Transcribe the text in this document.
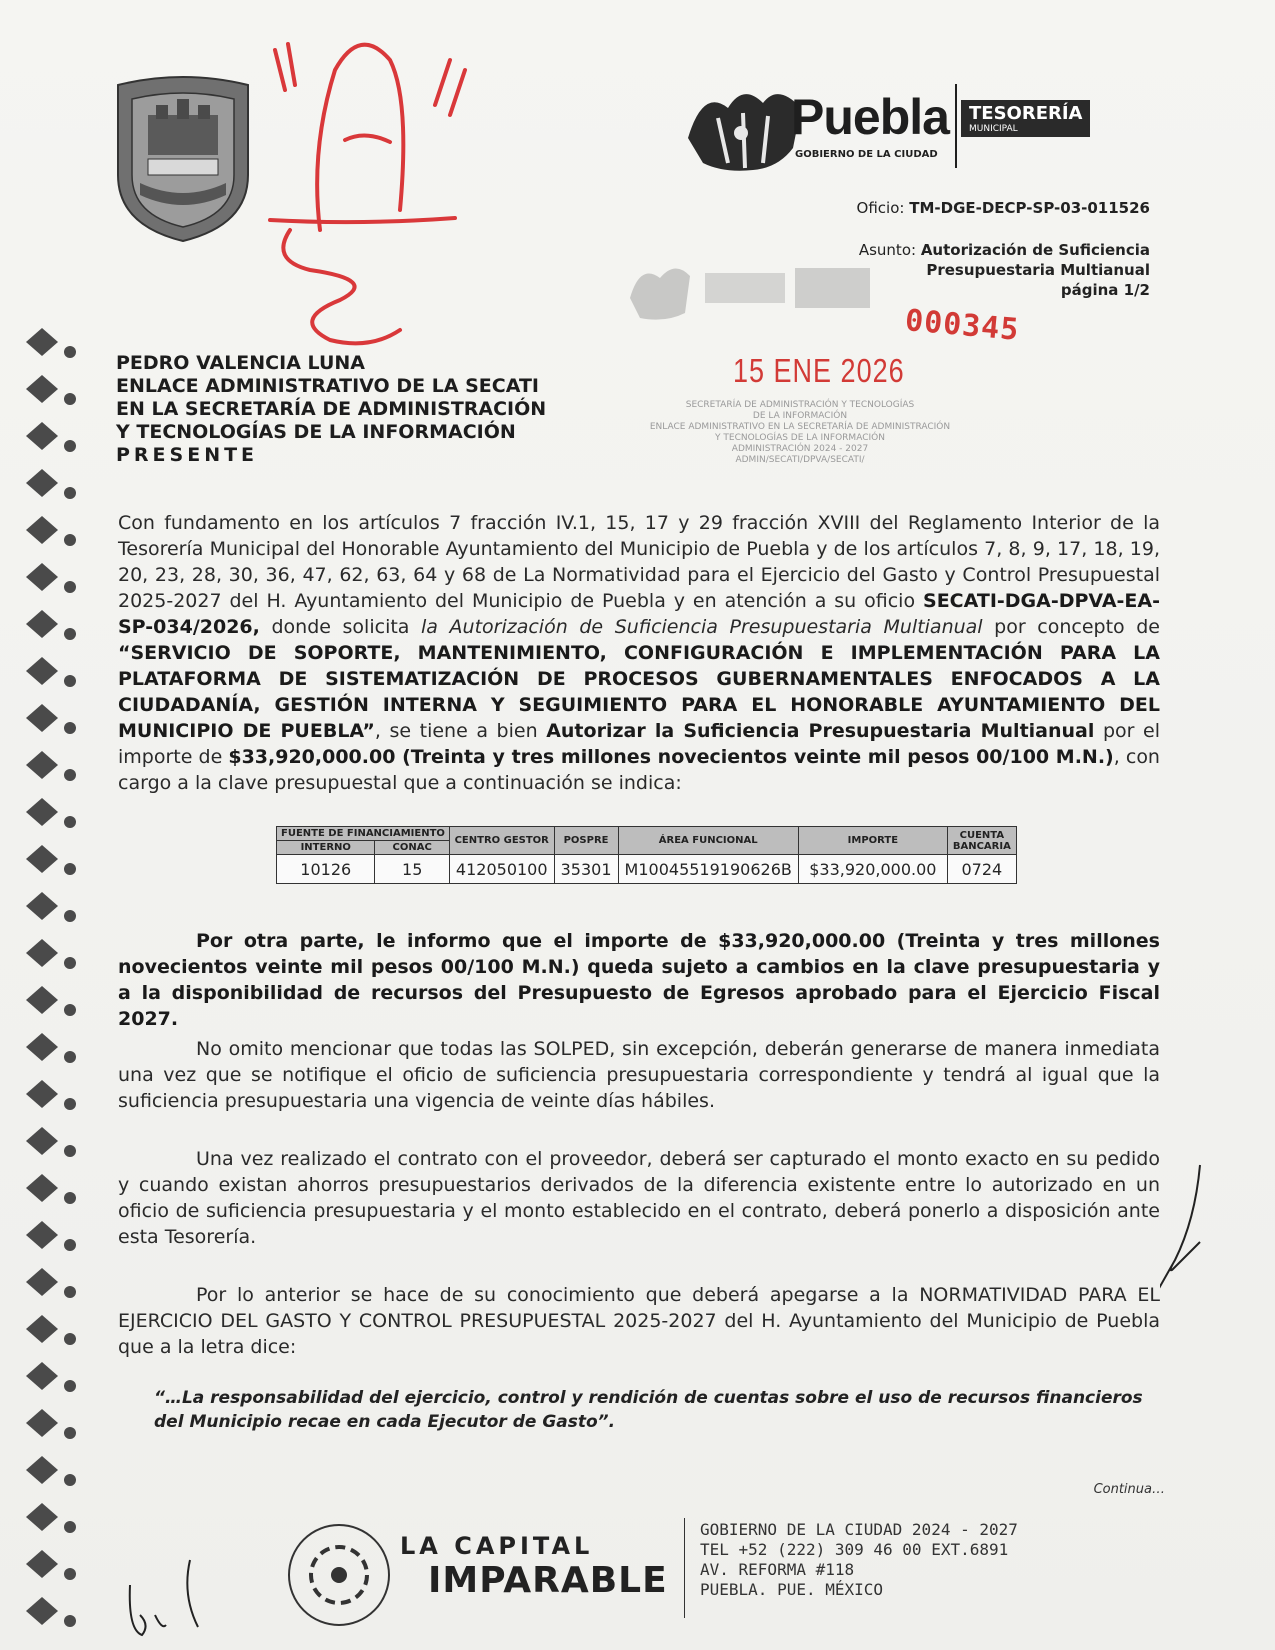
Puebla
GOBIERNO DE LA CIUDAD
TESORERÍA
MUNICIPAL
Oficio: TM-DGE-DECP-SP-03-011526
Asunto: Autorización de Suficiencia
Presupuestaria Multianual
página 1/2
000345
15 ENE 2026
SECRETARÍA DE ADMINISTRACIÓN Y TECNOLOGÍAS
DE LA INFORMACIÓN
ENLACE ADMINISTRATIVO EN LA SECRETARÍA DE ADMINISTRACIÓN
Y TECNOLOGÍAS DE LA INFORMACIÓN
ADMINISTRACIÓN 2024 - 2027
ADMIN/SECATI/DPVA/SECATI/
PEDRO VALENCIA LUNA
ENLACE ADMINISTRATIVO DE LA SECATI
EN LA SECRETARÍA DE ADMINISTRACIÓN
Y TECNOLOGÍAS DE LA INFORMACIÓN
PRESENTE
Con fundamento en los artículos 7 fracción IV.1, 15, 17 y 29 fracción XVIII del Reglamento Interior de la Tesorería Municipal del Honorable Ayuntamiento del Municipio de Puebla y de los artículos 7, 8, 9, 17, 18, 19, 20, 23, 28, 30, 36, 47, 62, 63, 64 y 68 de La Normatividad para el Ejercicio del Gasto y Control Presupuestal 2025-2027 del H. Ayuntamiento del Municipio de Puebla y en atención a su oficio SECATI-DGA-DPVA-EA-SP-034/2026, donde solicita la Autorización de Suficiencia Presupuestaria Multianual por concepto de “SERVICIO DE SOPORTE, MANTENIMIENTO, CONFIGURACIÓN E IMPLEMENTACIÓN PARA LA PLATAFORMA DE SISTEMATIZACIÓN DE PROCESOS GUBERNAMENTALES ENFOCADOS A LA CIUDADANÍA, GESTIÓN INTERNA Y SEGUIMIENTO PARA EL HONORABLE AYUNTAMIENTO DEL MUNICIPIO DE PUEBLA”, se tiene a bien Autorizar la Suficiencia Presupuestaria Multianual por el importe de $33,920,000.00 (Treinta y tres millones novecientos veinte mil pesos 00/100 M.N.), con cargo a la clave presupuestal que a continuación se indica:
FUENTE DE FINANCIAMIENTO		CENTRO GESTOR	POSPRE	ÁREA FUNCIONAL	IMPORTE	CUENTA BANCARIA
INTERNO	CONAC					
10126	15	412050100	35301	M10045519190626B	$33,920,000.00	0724
Por otra parte, le informo que el importe de $33,920,000.00 (Treinta y tres millones novecientos veinte mil pesos 00/100 M.N.) queda sujeto a cambios en la clave presupuestaria y a la disponibilidad de recursos del Presupuesto de Egresos aprobado para el Ejercicio Fiscal 2027.
No omito mencionar que todas las SOLPED, sin excepción, deberán generarse de manera inmediata una vez que se notifique el oficio de suficiencia presupuestaria correspondiente y tendrá al igual que la suficiencia presupuestaria una vigencia de veinte días hábiles.
Una vez realizado el contrato con el proveedor, deberá ser capturado el monto exacto en su pedido y cuando existan ahorros presupuestarios derivados de la diferencia existente entre lo autorizado en un oficio de suficiencia presupuestaria y el monto establecido en el contrato, deberá ponerlo a disposición ante esta Tesorería.
Por lo anterior se hace de su conocimiento que deberá apegarse a la NORMATIVIDAD PARA EL EJERCICIO DEL GASTO Y CONTROL PRESUPUESTAL 2025-2027 del H. Ayuntamiento del Municipio de Puebla que a la letra dice:
“…La responsabilidad del ejercicio, control y rendición de cuentas sobre el uso de recursos financieros del Municipio recae en cada Ejecutor de Gasto”.
Continua…
LA CAPITAL
IMPARABLE
GOBIERNO DE LA CIUDAD 2024 - 2027
TEL +52 (222) 309 46 00 EXT.6891
AV. REFORMA #118
PUEBLA. PUE. MÉXICO
